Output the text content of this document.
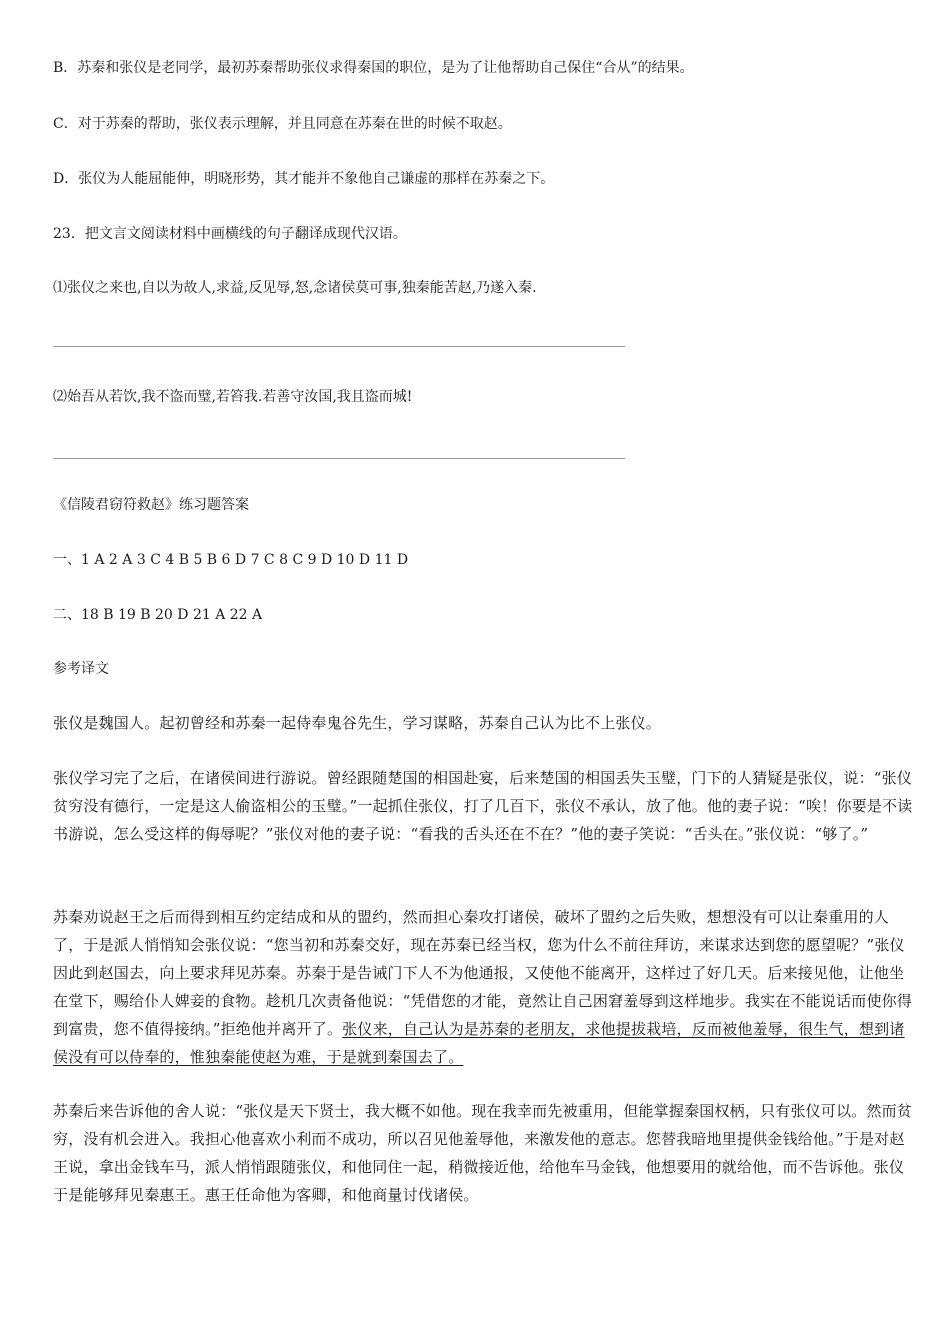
B．苏秦和张仪是老同学，最初苏秦帮助张仪求得秦国的职位，是为了让他帮助自己保住“合从”的结果。
C．对于苏秦的帮助，张仪表示理解，并且同意在苏秦在世的时候不取赵。
D．张仪为人能屈能伸，明晓形势，其才能并不象他自己谦虚的那样在苏秦之下。
23．把文言文阅读材料中画横线的句子翻译成现代汉语。
⑴张仪之来也,自以为故人,求益,反见辱,怒,念诸侯莫可事,独秦能苦赵,乃遂入秦.
⑵始吾从若饮,我不盗而璧,若笞我.若善守汝国,我且盗而城!
《信陵君窃符救赵》练习题答案
一、1 A 2 A 3 C 4 B 5 B 6 D 7 C 8 C 9 D 10 D 11 D
二、18 B 19 B 20 D 21 A 22 A
参考译文
张仪是魏国人。起初曾经和苏秦一起侍奉鬼谷先生，学习谋略，苏秦自己认为比不上张仪。
张仪学习完了之后，在诸侯间进行游说。曾经跟随楚国的相国赴宴，后来楚国的相国丢失玉璧，门下的人猜疑是张仪，说：“张仪贫穷没有德行，一定是这人偷盗相公的玉璧。”一起抓住张仪，打了几百下，张仪不承认，放了他。他的妻子说：“唉！你要是不读书游说，怎么受这样的侮辱呢？”张仪对他的妻子说：“看我的舌头还在不在？”他的妻子笑说：“舌头在。”张仪说：“够了。”
苏秦劝说赵王之后而得到相互约定结成和从的盟约，然而担心秦攻打诸侯，破坏了盟约之后失败，想想没有可以让秦重用的人了，于是派人悄悄知会张仪说：“您当初和苏秦交好，现在苏秦已经当权，您为什么不前往拜访，来谋求达到您的愿望呢？”张仪因此到赵国去，向上要求拜见苏秦。苏秦于是告诫门下人不为他通报，又使他不能离开，这样过了好几天。后来接见他，让他坐在堂下，赐给仆人婢妾的食物。趁机几次责备他说：“凭借您的才能，竟然让自己困窘羞辱到这样地步。我实在不能说话而使你得到富贵，您不值得接纳。”拒绝他并离开了。张仪来，自己认为是苏秦的老朋友，求他提拔栽培，反而被他羞辱，很生气，想到诸侯没有可以侍奉的，惟独秦能使赵为难，于是就到秦国去了。
苏秦后来告诉他的舍人说：“张仪是天下贤士，我大概不如他。现在我幸而先被重用，但能掌握秦国权柄，只有张仪可以。然而贫穷，没有机会进入。我担心他喜欢小利而不成功，所以召见他羞辱他，来激发他的意志。您替我暗地里提供金钱给他。”于是对赵王说，拿出金钱车马，派人悄悄跟随张仪，和他同住一起，稍微接近他，给他车马金钱，他想要用的就给他，而不告诉他。张仪于是能够拜见秦惠王。惠王任命他为客卿，和他商量讨伐诸侯。
